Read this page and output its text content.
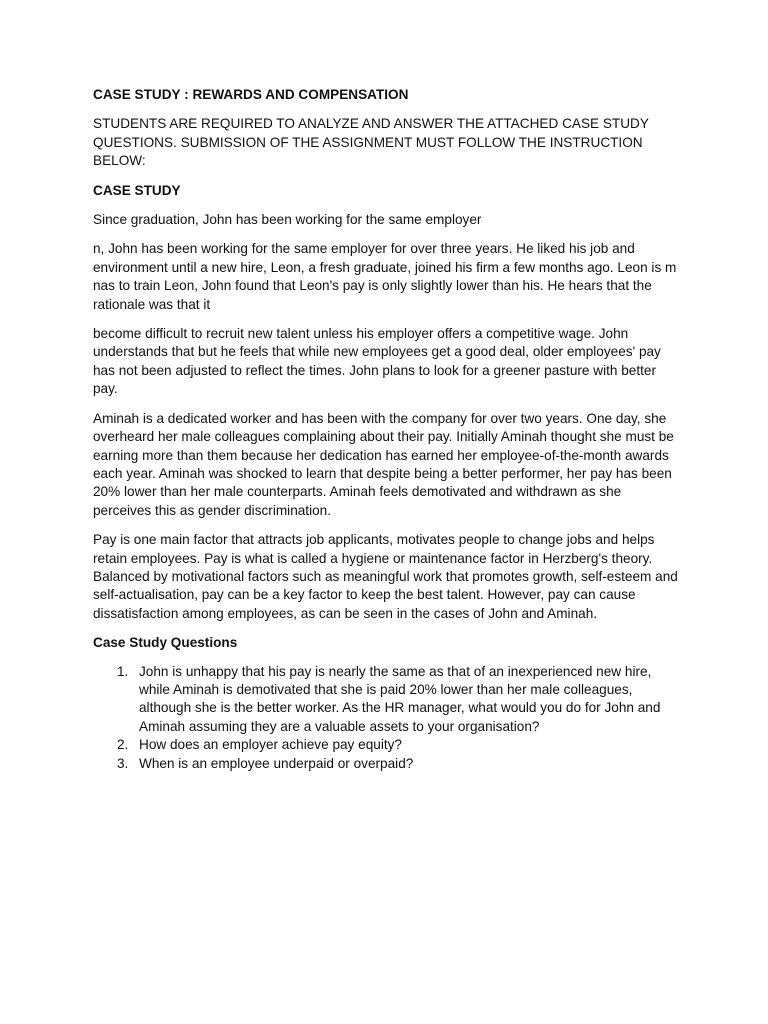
CASE STUDY : REWARDS AND COMPENSATION

STUDENTS ARE REQUIRED TO ANALYZE AND ANSWER THE ATTACHED CASE STUDY QUESTIONS. SUBMISSION OF THE ASSIGNMENT MUST FOLLOW THE INSTRUCTION BELOW:

CASE STUDY

Since graduation, John has been working for the same employer

n, John has been working for the same employer for over three years. He liked his job and environment until a new hire, Leon, a fresh graduate, joined his firm a few months ago. Leon is m nas to train Leon, John found that Leon's pay is only slightly lower than his. He hears that the rationale was that it

become difficult to recruit new talent unless his employer offers a competitive wage. John understands that but he feels that while new employees get a good deal, older employees' pay has not been adjusted to reflect the times. John plans to look for a greener pasture with better pay.

Aminah is a dedicated worker and has been with the company for over two years. One day, she overheard her male colleagues complaining about their pay. Initially Aminah thought she must be earning more than them because her dedication has earned her employee-of-the-month awards each year. Aminah was shocked to learn that despite being a better performer, her pay has been 20% lower than her male counterparts. Aminah feels demotivated and withdrawn as she perceives this as gender discrimination.

Pay is one main factor that attracts job applicants, motivates people to change jobs and helps retain employees. Pay is what is called a hygiene or maintenance factor in Herzberg's theory. Balanced by motivational factors such as meaningful work that promotes growth, self-esteem and self-actualisation, pay can be a key factor to keep the best talent. However, pay can cause dissatisfaction among employees, as can be seen in the cases of John and Aminah.

Case Study Questions

1. John is unhappy that his pay is nearly the same as that of an inexperienced new hire, while Aminah is demotivated that she is paid 20% lower than her male colleagues, although she is the better worker. As the HR manager, what would you do for John and Aminah assuming they are a valuable assets to your organisation?
2. How does an employer achieve pay equity?
3. When is an employee underpaid or overpaid?
